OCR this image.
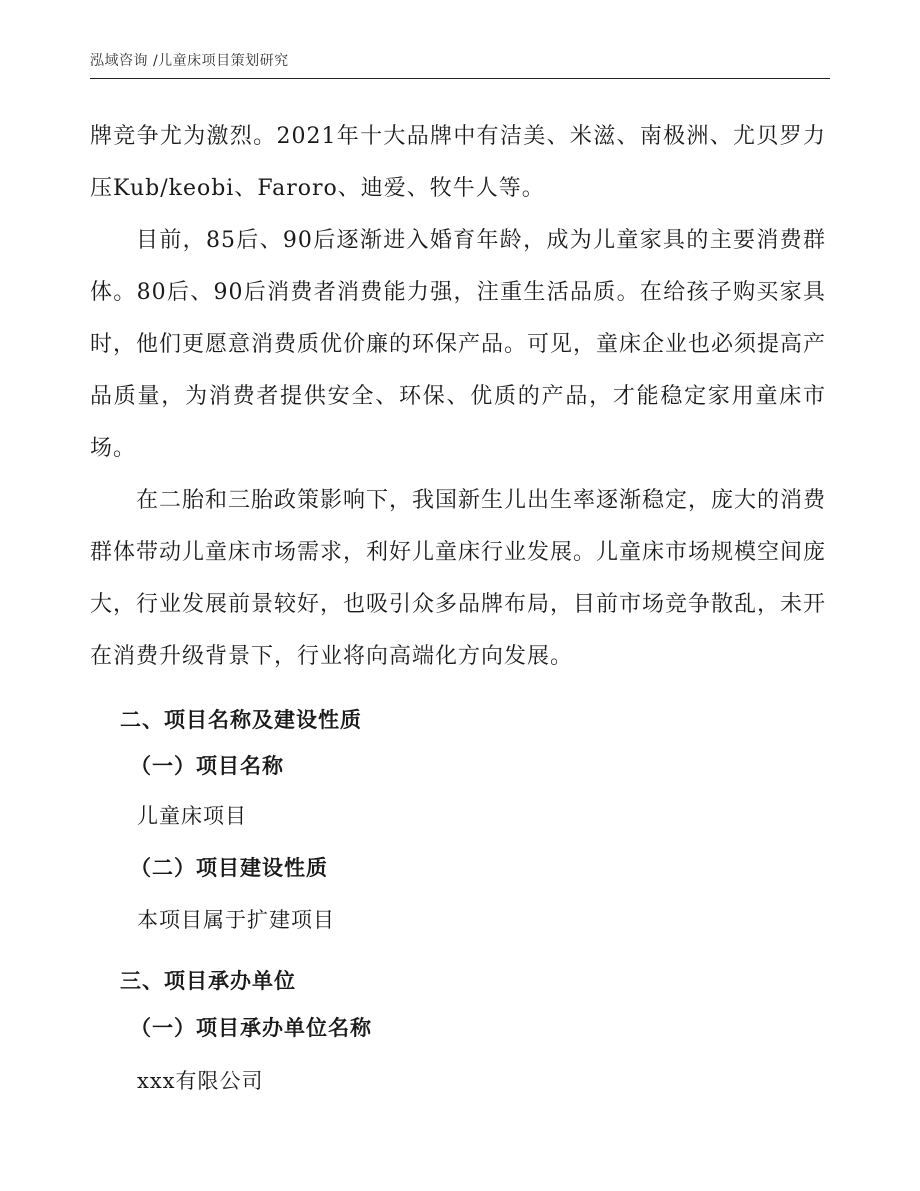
泓域咨询 /儿童床项目策划研究

牌竞争尤为激烈。2021年十大品牌中有洁美、米滋、南极洲、尤贝罗力压Kub/keobi、Faroro、迪爱、牧牛人等。

目前，85后、90后逐渐进入婚育年龄，成为儿童家具的主要消费群体。80后、90后消费者消费能力强，注重生活品质。在给孩子购买家具时，他们更愿意消费质优价廉的环保产品。可见，童床企业也必须提高产品质量，为消费者提供安全、环保、优质的产品，才能稳定家用童床市场。

在二胎和三胎政策影响下，我国新生儿出生率逐渐稳定，庞大的消费群体带动儿童床市场需求，利好儿童床行业发展。儿童床市场规模空间庞大，行业发展前景较好，也吸引众多品牌布局，目前市场竞争散乱，未开在消费升级背景下，行业将向高端化方向发展。

二、项目名称及建设性质
（一）项目名称

儿童床项目

（二）项目建设性质

本项目属于扩建项目

三、项目承办单位
（一）项目承办单位名称

xxx有限公司
